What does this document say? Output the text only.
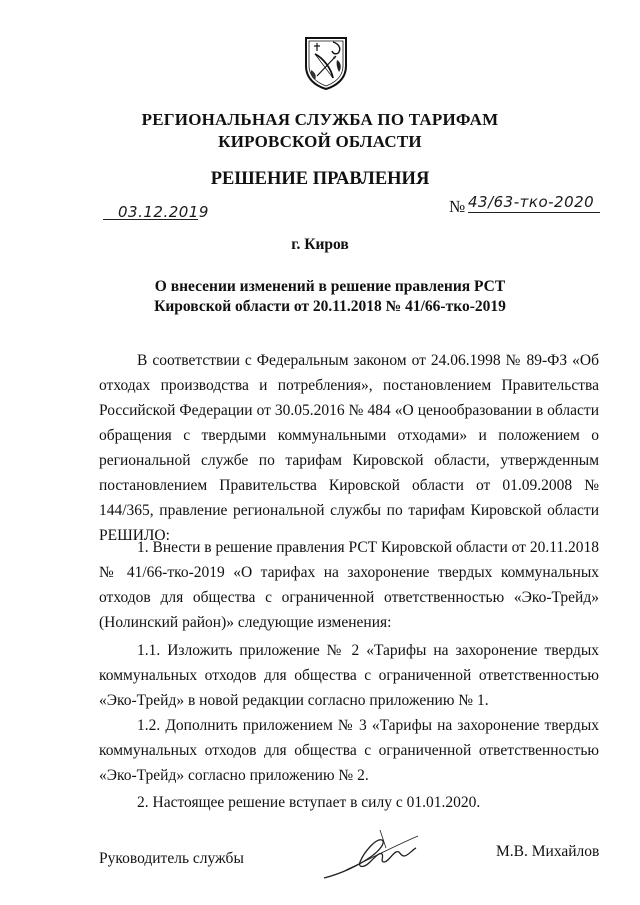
РЕГИОНАЛЬНАЯ СЛУЖБА ПО ТАРИФАМ
КИРОВСКОЙ ОБЛАСТИ
РЕШЕНИЕ ПРАВЛЕНИЯ
03.12.2019	№ 43/63-тко-2020
г. Киров
О внесении изменений в решение правления РСТ Кировской области от 20.11.2018 № 41/66-тко-2019
В соответствии с Федеральным законом от 24.06.1998 № 89-ФЗ «Об отходах производства и потребления», постановлением Правительства Российской Федерации от 30.05.2016 № 484 «О ценообразовании в области обращения с твердыми коммунальными отходами» и положением о региональной службе по тарифам Кировской области, утвержденным постановлением Правительства Кировской области от 01.09.2008 № 144/365, правление региональной службы по тарифам Кировской области РЕШИЛО:
1. Внести в решение правления РСТ Кировской области от 20.11.2018 № 41/66-тко-2019 «О тарифах на захоронение твердых коммунальных отходов для общества с ограниченной ответственностью «Эко-Трейд» (Нолинский район)» следующие изменения:
1.1. Изложить приложение № 2 «Тарифы на захоронение твердых коммунальных отходов для общества с ограниченной ответственностью «Эко-Трейд» в новой редакции согласно приложению № 1.
1.2. Дополнить приложением № 3 «Тарифы на захоронение твердых коммунальных отходов для общества с ограниченной ответственностью «Эко-Трейд» согласно приложению № 2.
2. Настоящее решение вступает в силу с 01.01.2020.
Руководитель службы	М.В. Михайлов
